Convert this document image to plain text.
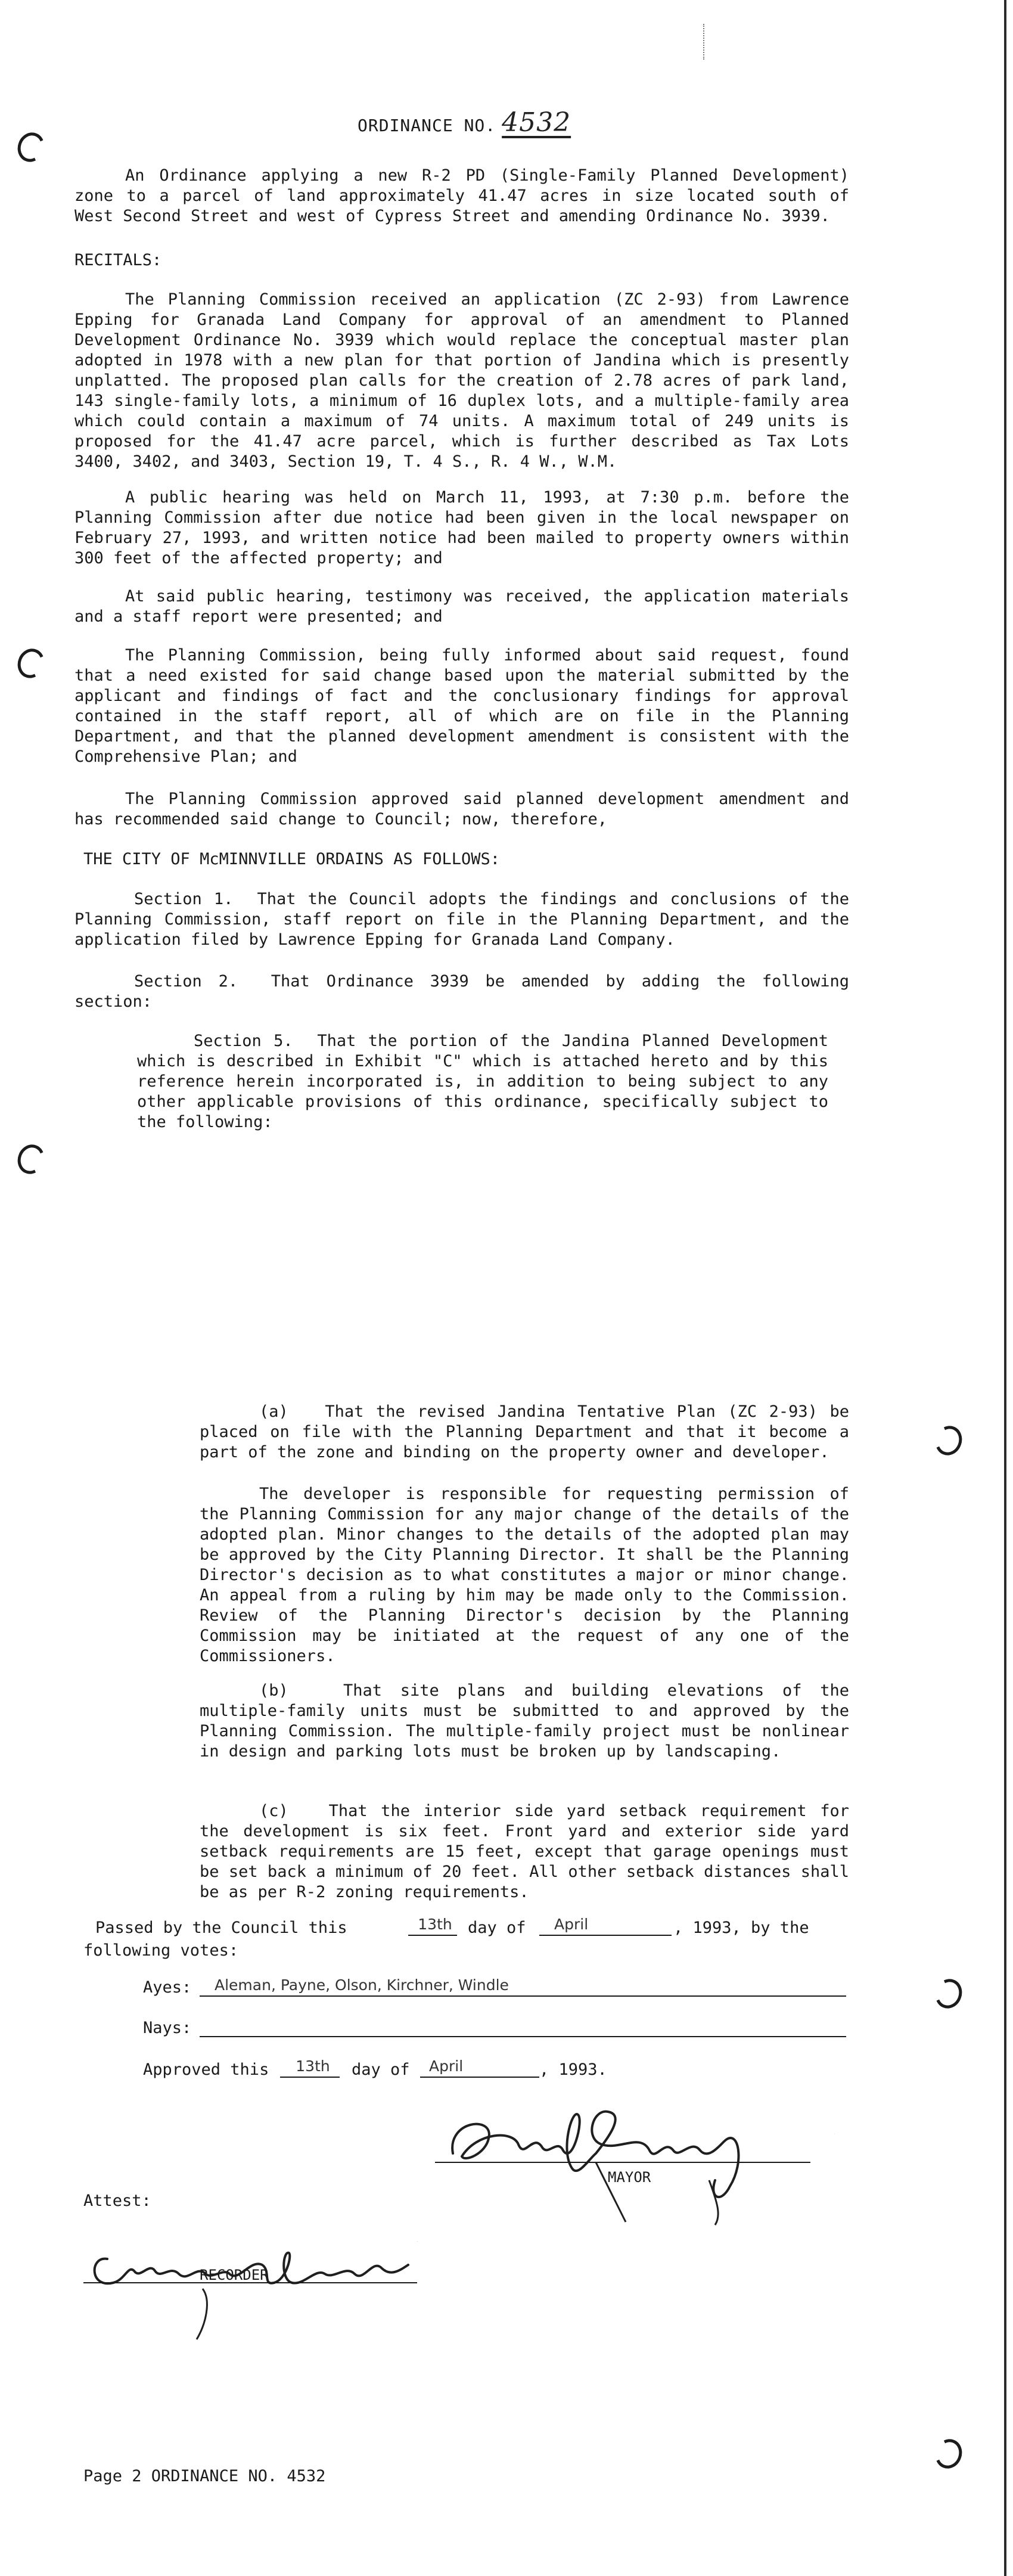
ORDINANCE NO. 4532

An Ordinance applying a new R-2 PD (Single-Family Planned Development) zone to a parcel of land approximately 41.47 acres in size located south of West Second Street and west of Cypress Street and amending Ordinance No. 3939.

RECITALS:

The Planning Commission received an application (ZC 2-93) from Lawrence Epping for Granada Land Company for approval of an amendment to Planned Development Ordinance No. 3939 which would replace the conceptual master plan adopted in 1978 with a new plan for that portion of Jandina which is presently unplatted. The proposed plan calls for the creation of 2.78 acres of park land, 143 single-family lots, a minimum of 16 duplex lots, and a multiple-family area which could contain a maximum of 74 units. A maximum total of 249 units is proposed for the 41.47 acre parcel, which is further described as Tax Lots 3400, 3402, and 3403, Section 19, T. 4 S., R. 4 W., W.M.

A public hearing was held on March 11, 1993, at 7:30 p.m. before the Planning Commission after due notice had been given in the local newspaper on February 27, 1993, and written notice had been mailed to property owners within 300 feet of the affected property; and

At said public hearing, testimony was received, the application materials and a staff report were presented; and

The Planning Commission, being fully informed about said request, found that a need existed for said change based upon the material submitted by the applicant and findings of fact and the conclusionary findings for approval contained in the staff report, all of which are on file in the Planning Department, and that the planned development amendment is consistent with the Comprehensive Plan; and

The Planning Commission approved said planned development amendment and has recommended said change to Council; now, therefore,

THE CITY OF McMINNVILLE ORDAINS AS FOLLOWS:

Section 1.  That the Council adopts the findings and conclusions of the Planning Commission, staff report on file in the Planning Department, and the application filed by Lawrence Epping for Granada Land Company.

Section 2.  That Ordinance 3939 be amended by adding the following section:

Section 5.  That the portion of the Jandina Planned Development which is described in Exhibit "C" which is attached hereto and by this reference herein incorporated is, in addition to being subject to any other applicable provisions of this ordinance, specifically subject to the following:

(a)   That the revised Jandina Tentative Plan (ZC 2-93) be placed on file with the Planning Department and that it become a part of the zone and binding on the property owner and developer.

The developer is responsible for requesting permission of the Planning Commission for any major change of the details of the adopted plan. Minor changes to the details of the adopted plan may be approved by the City Planning Director. It shall be the Planning Director's decision as to what constitutes a major or minor change. An appeal from a ruling by him may be made only to the Commission. Review of the Planning Director's decision by the Planning Commission may be initiated at the request of any one of the Commissioners.

(b)   That site plans and building elevations of the multiple-family units must be submitted to and approved by the Planning Commission. The multiple-family project must be nonlinear in design and parking lots must be broken up by landscaping.

(c)   That the interior side yard setback requirement for the development is six feet. Front yard and exterior side yard setback requirements are 15 feet, except that garage openings must be set back a minimum of 20 feet. All other setback distances shall be as per R-2 zoning requirements.

Passed by the Council this	13th day of April	, 1993, by the
following votes:
Ayes: Aleman, Payne, Olson, Kirchner, Windle
Nays:
Approved this	13th	day of April	, 1993.
MAYOR
Attest:
RECORDER
Page 2 ORDINANCE NO. 4532
